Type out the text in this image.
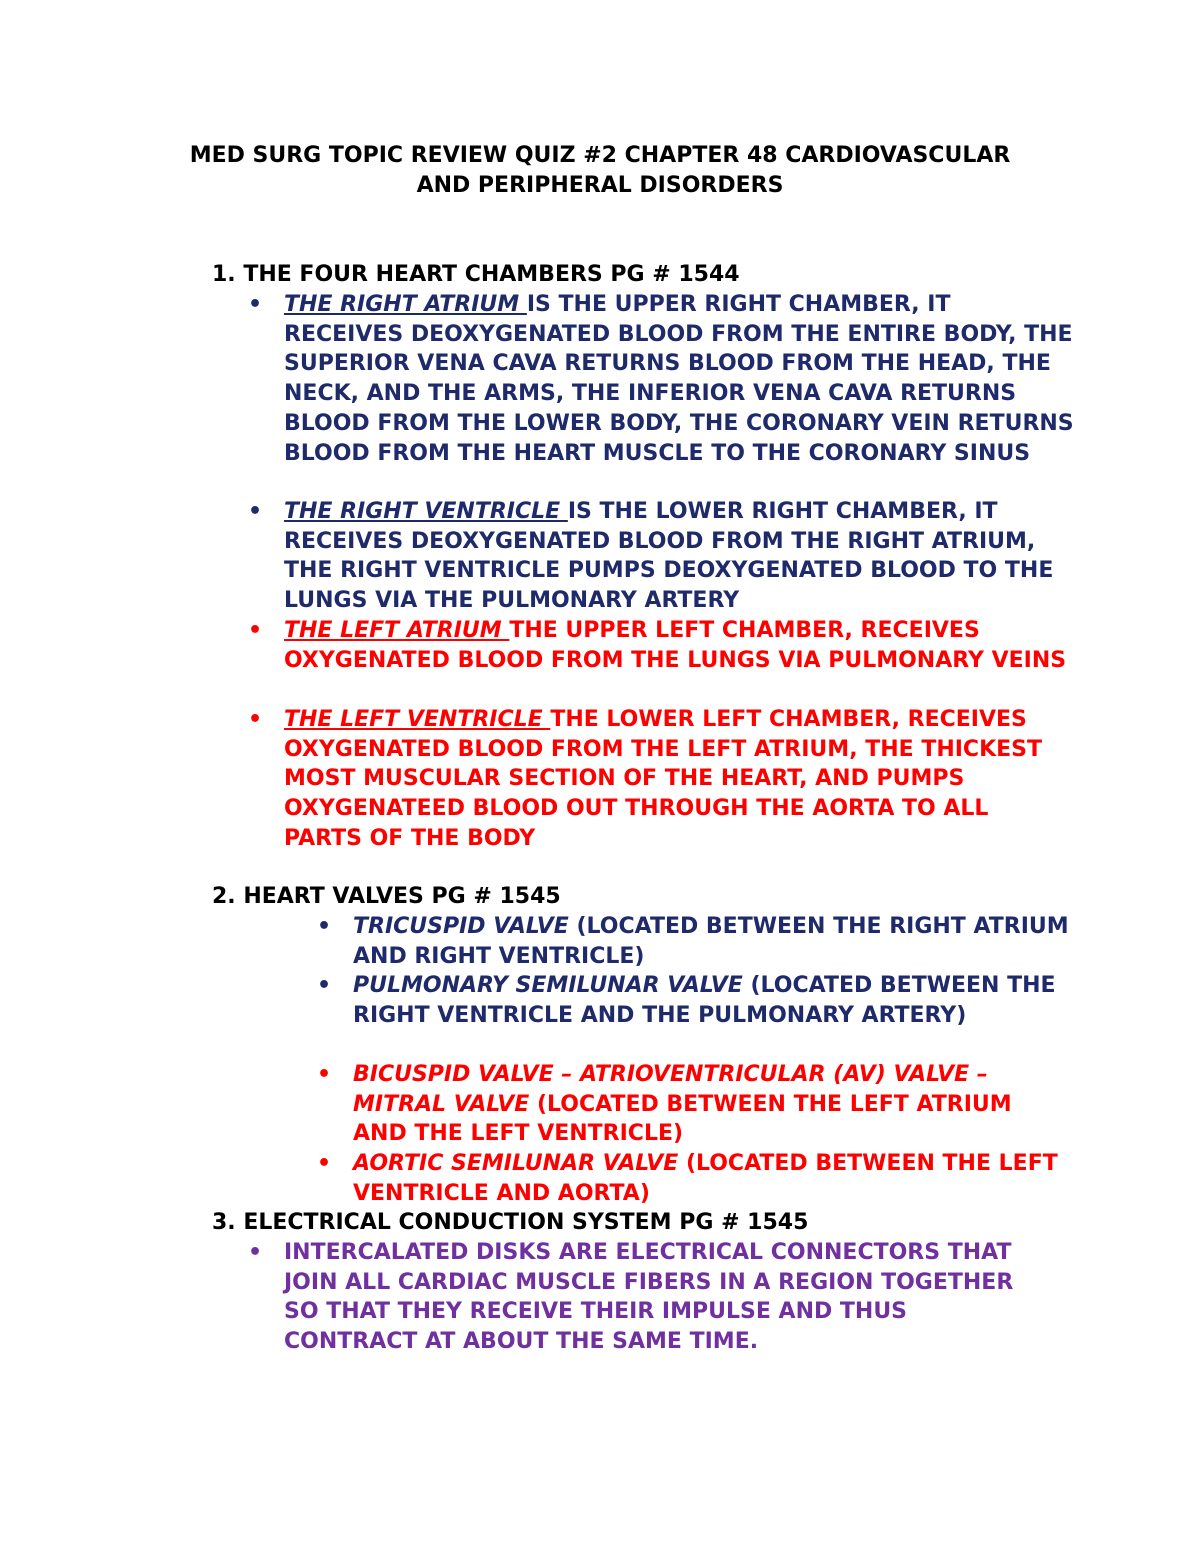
MED SURG TOPIC REVIEW QUIZ #2 CHAPTER 48 CARDIOVASCULAR
AND PERIPHERAL DISORDERS
1. THE FOUR HEART CHAMBERS PG # 1544
• THE RIGHT ATRIUM IS THE UPPER RIGHT CHAMBER, IT RECEIVES DEOXYGENATED BLOOD FROM THE ENTIRE BODY, THE SUPERIOR VENA CAVA RETURNS BLOOD FROM THE HEAD, THE NECK, AND THE ARMS, THE INFERIOR VENA CAVA RETURNS BLOOD FROM THE LOWER BODY, THE CORONARY VEIN RETURNS BLOOD FROM THE HEART MUSCLE TO THE CORONARY SINUS
• THE RIGHT VENTRICLE IS THE LOWER RIGHT CHAMBER, IT RECEIVES DEOXYGENATED BLOOD FROM THE RIGHT ATRIUM, THE RIGHT VENTRICLE PUMPS DEOXYGENATED BLOOD TO THE LUNGS VIA THE PULMONARY ARTERY
• THE LEFT ATRIUM THE UPPER LEFT CHAMBER, RECEIVES OXYGENATED BLOOD FROM THE LUNGS VIA PULMONARY VEINS
• THE LEFT VENTRICLE THE LOWER LEFT CHAMBER, RECEIVES OXYGENATED BLOOD FROM THE LEFT ATRIUM, THE THICKEST MOST MUSCULAR SECTION OF THE HEART, AND PUMPS OXYGENATEED BLOOD OUT THROUGH THE AORTA TO ALL PARTS OF THE BODY
2. HEART VALVES PG # 1545
• TRICUSPID VALVE (LOCATED BETWEEN THE RIGHT ATRIUM AND RIGHT VENTRICLE)
• PULMONARY SEMILUNAR VALVE (LOCATED BETWEEN THE RIGHT VENTRICLE AND THE PULMONARY ARTERY)
• BICUSPID VALVE – ATRIOVENTRICULAR (AV) VALVE – MITRAL VALVE (LOCATED BETWEEN THE LEFT ATRIUM AND THE LEFT VENTRICLE)
• AORTIC SEMILUNAR VALVE (LOCATED BETWEEN THE LEFT VENTRICLE AND AORTA)
3. ELECTRICAL CONDUCTION SYSTEM PG # 1545
• INTERCALATED DISKS ARE ELECTRICAL CONNECTORS THAT JOIN ALL CARDIAC MUSCLE FIBERS IN A REGION TOGETHER SO THAT THEY RECEIVE THEIR IMPULSE AND THUS CONTRACT AT ABOUT THE SAME TIME.
